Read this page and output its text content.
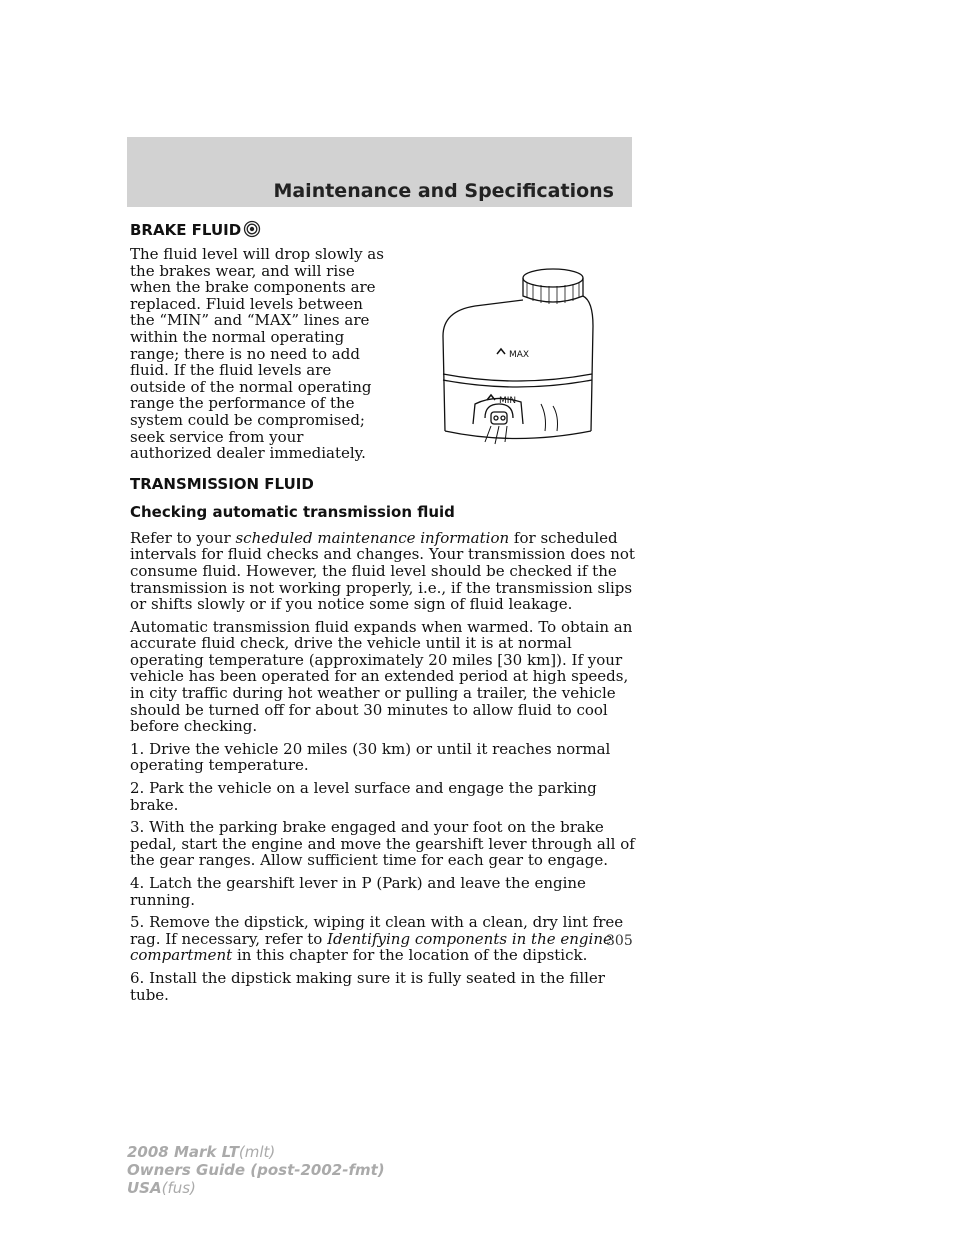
Maintenance and Specifications
BRAKE FLUID

The fluid level will drop slowly as the brakes wear, and will rise when the brake components are replaced. Fluid levels between the “MIN” and “MAX” lines are within the normal operating range; there is no need to add fluid. If the fluid levels are outside of the normal operating range the performance of the system could be compromised; seek service from your authorized dealer immediately.

MAX
MIN
TRANSMISSION FLUID
Checking automatic transmission fluid

Refer to your scheduled maintenance information for scheduled intervals for fluid checks and changes. Your transmission does not consume fluid. However, the fluid level should be checked if the transmission is not working properly, i.e., if the transmission slips or shifts slowly or if you notice some sign of fluid leakage.

Automatic transmission fluid expands when warmed. To obtain an accurate fluid check, drive the vehicle until it is at normal operating temperature (approximately 20 miles [30 km]). If your vehicle has been operated for an extended period at high speeds, in city traffic during hot weather or pulling a trailer, the vehicle should be turned off for about 30 minutes to allow fluid to cool before checking.

1. Drive the vehicle 20 miles (30 km) or until it reaches normal operating temperature.

2. Park the vehicle on a level surface and engage the parking brake.

3. With the parking brake engaged and your foot on the brake pedal, start the engine and move the gearshift lever through all of the gear ranges. Allow sufficient time for each gear to engage.

4. Latch the gearshift lever in P (Park) and leave the engine running.

5. Remove the dipstick, wiping it clean with a clean, dry lint free rag. If necessary, refer to Identifying components in the engine compartment in this chapter for the location of the dipstick.

6. Install the dipstick making sure it is fully seated in the filler tube.

305
2008 Mark LT(mlt)
Owners Guide (post-2002-fmt)
USA(fus)
